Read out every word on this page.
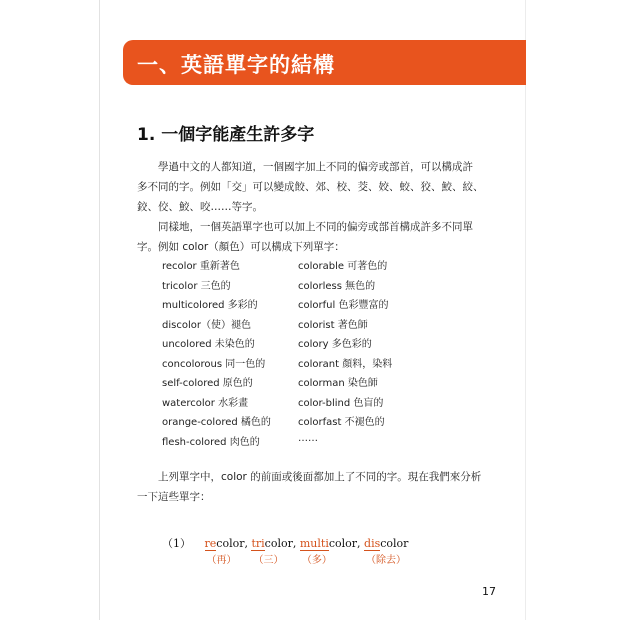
一、英語單字的結構
1. 一個字能產生許多字
學過中文的人都知道，一個國字加上不同的偏旁或部首，可以構成許
多不同的字。例如「交」可以變成餃、郊、校、茭、姣、蛟、狡、鮫、絞、
鉸、佼、鮫、咬……等字。
同樣地，一個英語單字也可以加上不同的偏旁或部首構成許多不同單
字。例如 color（顏色）可以構成下列單字：
recolor 重新著色	colorable 可著色的
tricolor 三色的	colorless 無色的
multicolored 多彩的	colorful 色彩豐富的
discolor（使）褪色	colorist 著色師
uncolored 未染色的	colory 多色彩的
concolorous 同一色的	colorant 顏料，染料
self-colored 原色的	colorman 染色師
watercolor 水彩畫	color-blind 色盲的
orange-colored 橘色的	colorfast 不褪色的
flesh-colored 肉色的	……
上列單字中，color 的前面或後面都加上了不同的字。現在我們來分析
一下這些單字：
（1） recolor
（再）
, tricolor
（三）
, multicolor
（多）
, discolor
（除去）
17
